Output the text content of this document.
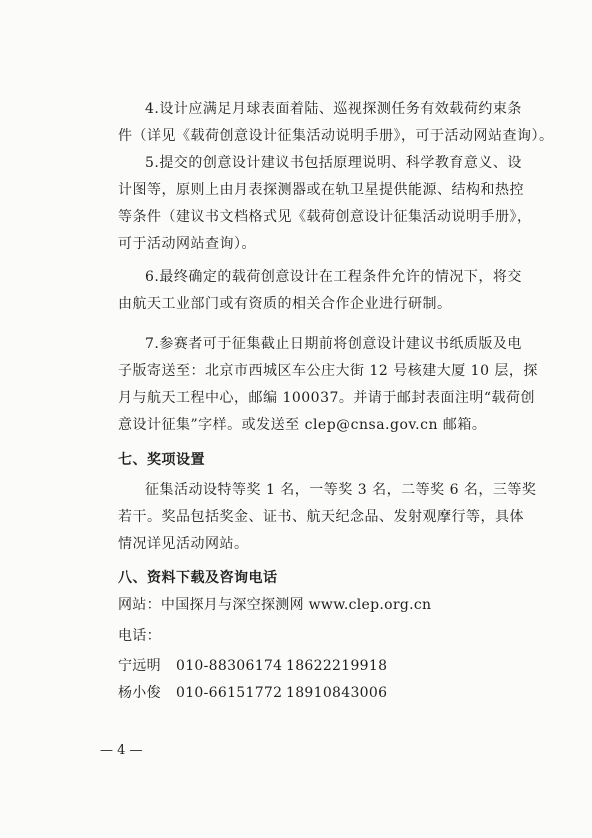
4.设计应满足月球表面着陆、巡视探测任务有效载荷约束条
件（详见《载荷创意设计征集活动说明手册》，可于活动网站查询）。
5.提交的创意设计建议书包括原理说明、科学教育意义、设
计图等，原则上由月表探测器或在轨卫星提供能源、结构和热控
等条件（建议书文档格式见《载荷创意设计征集活动说明手册》，
可于活动网站查询）。
6.最终确定的载荷创意设计在工程条件允许的情况下，将交
由航天工业部门或有资质的相关合作企业进行研制。
7.参赛者可于征集截止日期前将创意设计建议书纸质版及电
子版寄送至：北京市西城区车公庄大街 12 号核建大厦 10 层，探
月与航天工程中心，邮编 100037。并请于邮封表面注明“载荷创
意设计征集”字样。或发送至 clep@cnsa.gov.cn 邮箱。
七、奖项设置
征集活动设特等奖 1 名，一等奖 3 名，二等奖 6 名，三等奖
若干。奖品包括奖金、证书、航天纪念品、发射观摩行等，具体
情况详见活动网站。
八、资料下载及咨询电话
网站：中国探月与深空探测网 www.clep.org.cn
电话：
宁远明 010-88306174 18622219918
杨小俊 010-66151772 18910843006
— 4 —
